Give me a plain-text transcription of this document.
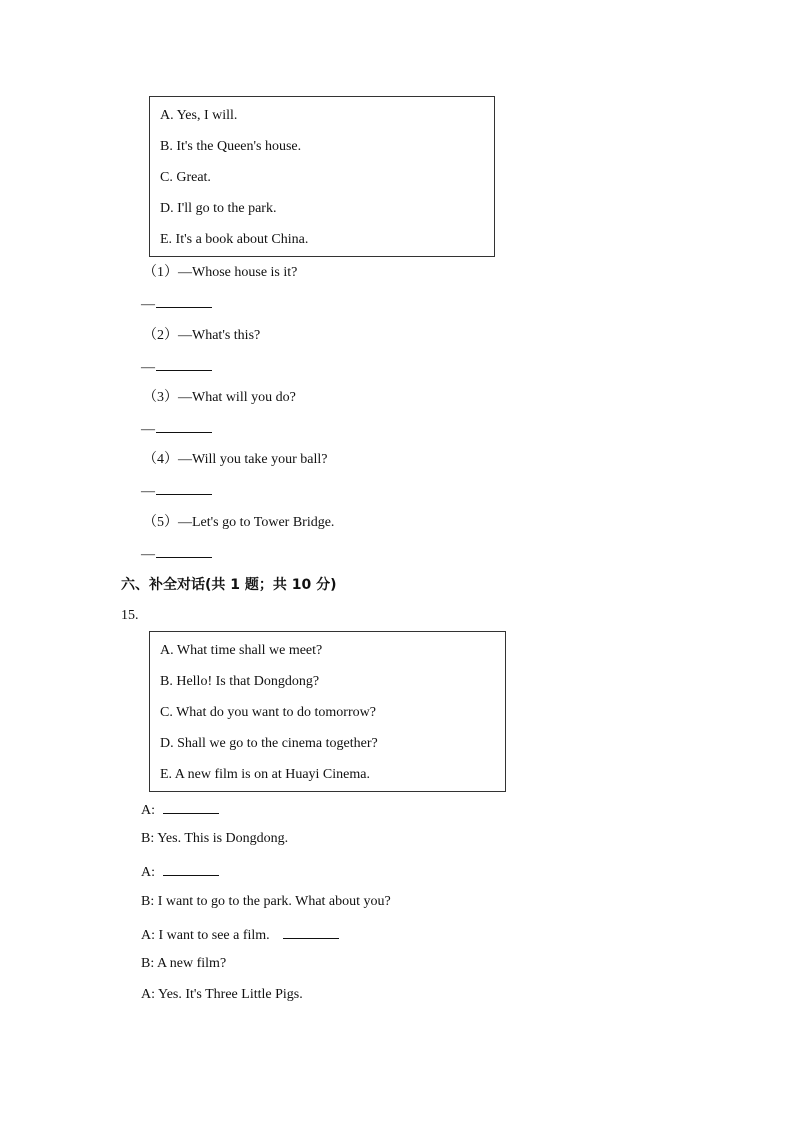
A. Yes, I will.
B. It's the Queen's house.
C. Great.
D. I'll go to the park.
E. It's a book about China.
（1）—Whose house is it?
—
（2）—What's this?
—
（3）—What will you do?
—
（4）—Will you take your ball?
—
（5）—Let's go to Tower Bridge.
—
六、补全对话(共 1 题；共 10 分)
15.
A. What time shall we meet?
B. Hello! Is that Dongdong?
C. What do you want to do tomorrow?
D. Shall we go to the cinema together?
E. A new film is on at Huayi Cinema.
A:
B: Yes. This is Dongdong.
A:
B: I want to go to the park. What about you?
A: I want to see a film.
B: A new film?
A: Yes. It's Three Little Pigs.
